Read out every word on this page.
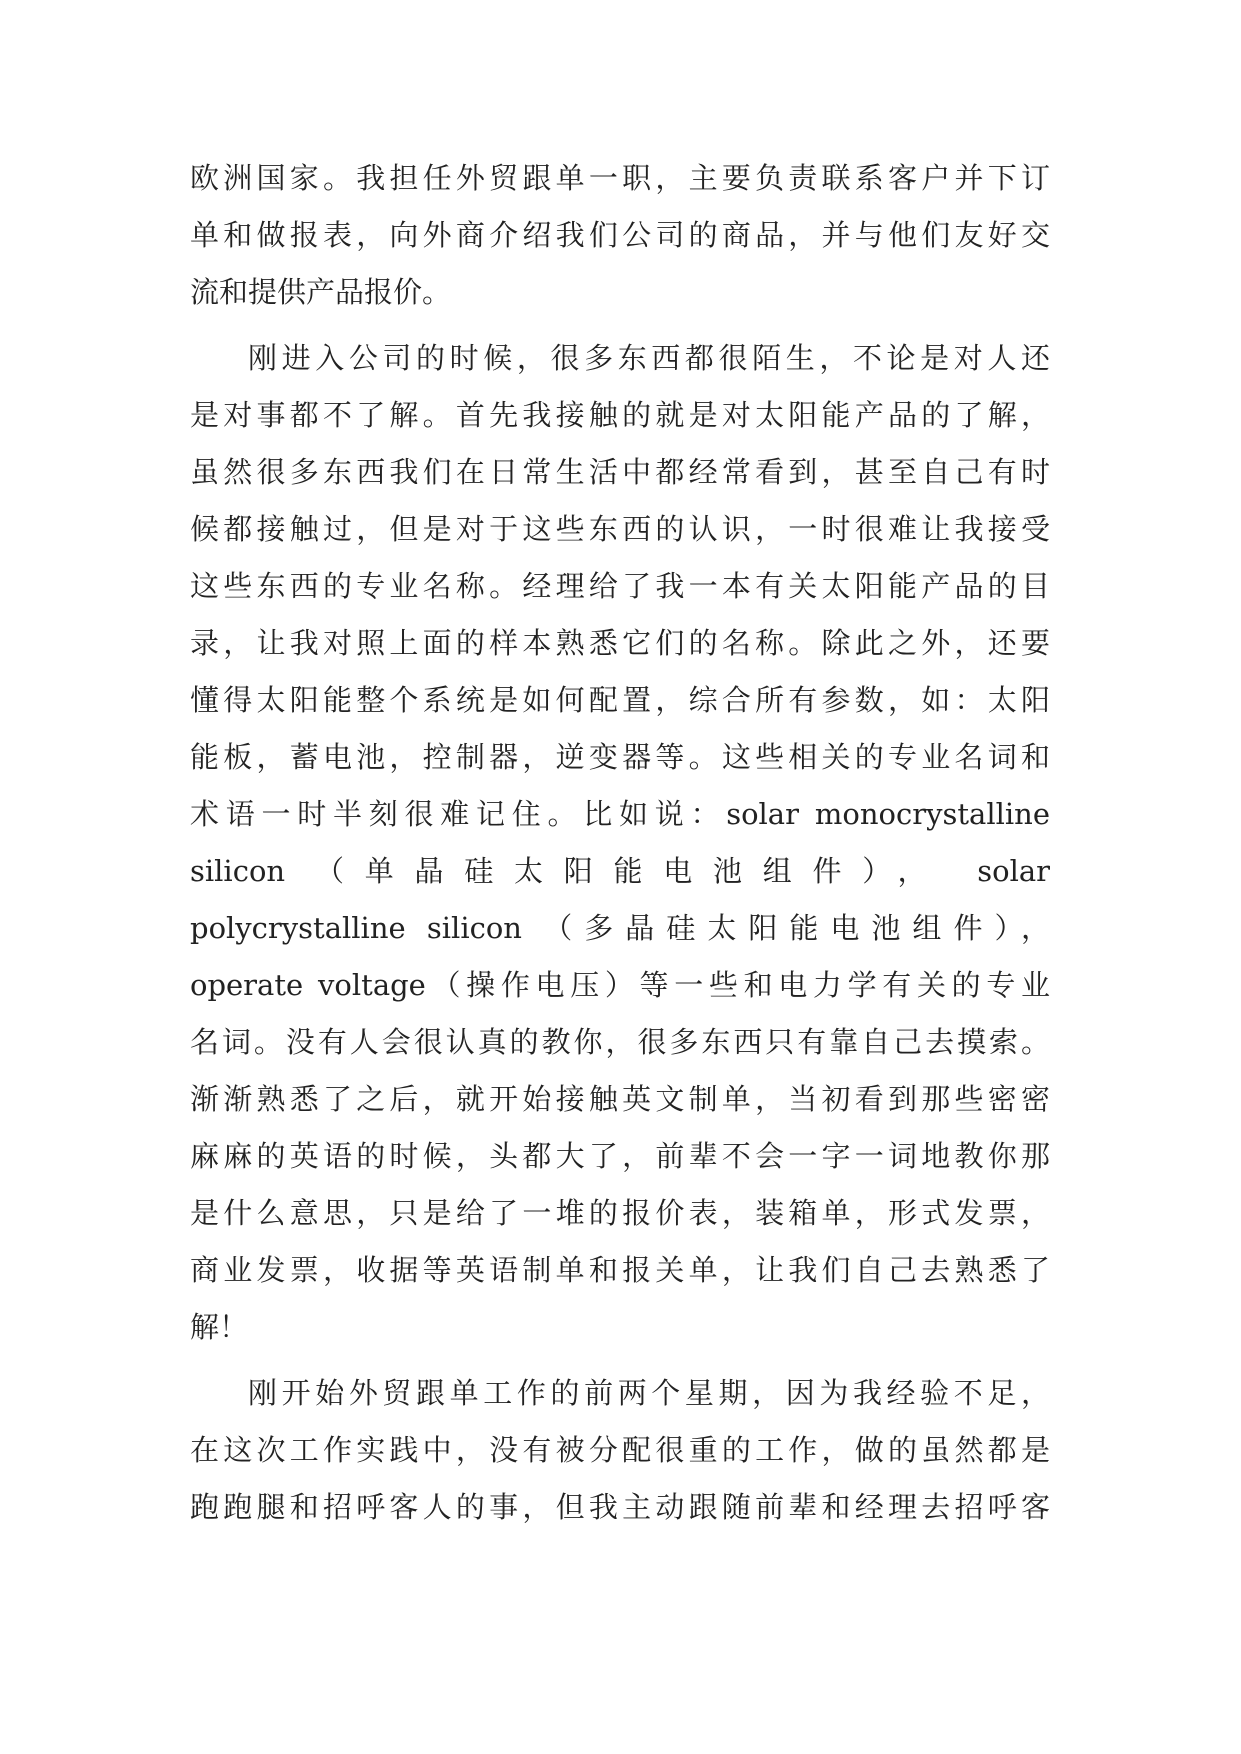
欧洲国家。我担任外贸跟单一职，主要负责联系客户并下订
单和做报表，向外商介绍我们公司的商品，并与他们友好交
流和提供产品报价。
刚进入公司的时候，很多东西都很陌生，不论是对人还
是对事都不了解。首先我接触的就是对太阳能产品的了解，
虽然很多东西我们在日常生活中都经常看到，甚至自己有时
候都接触过，但是对于这些东西的认识，一时很难让我接受
这些东西的专业名称。经理给了我一本有关太阳能产品的目
录，让我对照上面的样本熟悉它们的名称。除此之外，还要
懂得太阳能整个系统是如何配置，综合所有参数，如：太阳
能板，蓄电池，控制器，逆变器等。这些相关的专业名词和
术语一时半刻很难记住。比如说：solar monocrystalline
silicon （单晶硅太阳能电池组件）， solar
polycrystalline silicon （多晶硅太阳能电池组件），
operate voltage（操作电压）等一些和电力学有关的专业
名词。没有人会很认真的教你，很多东西只有靠自己去摸索。
渐渐熟悉了之后，就开始接触英文制单，当初看到那些密密
麻麻的英语的时候，头都大了，前辈不会一字一词地教你那
是什么意思，只是给了一堆的报价表，装箱单，形式发票，
商业发票，收据等英语制单和报关单，让我们自己去熟悉了
解！
刚开始外贸跟单工作的前两个星期，因为我经验不足，
在这次工作实践中，没有被分配很重的工作，做的虽然都是
跑跑腿和招呼客人的事，但我主动跟随前辈和经理去招呼客
